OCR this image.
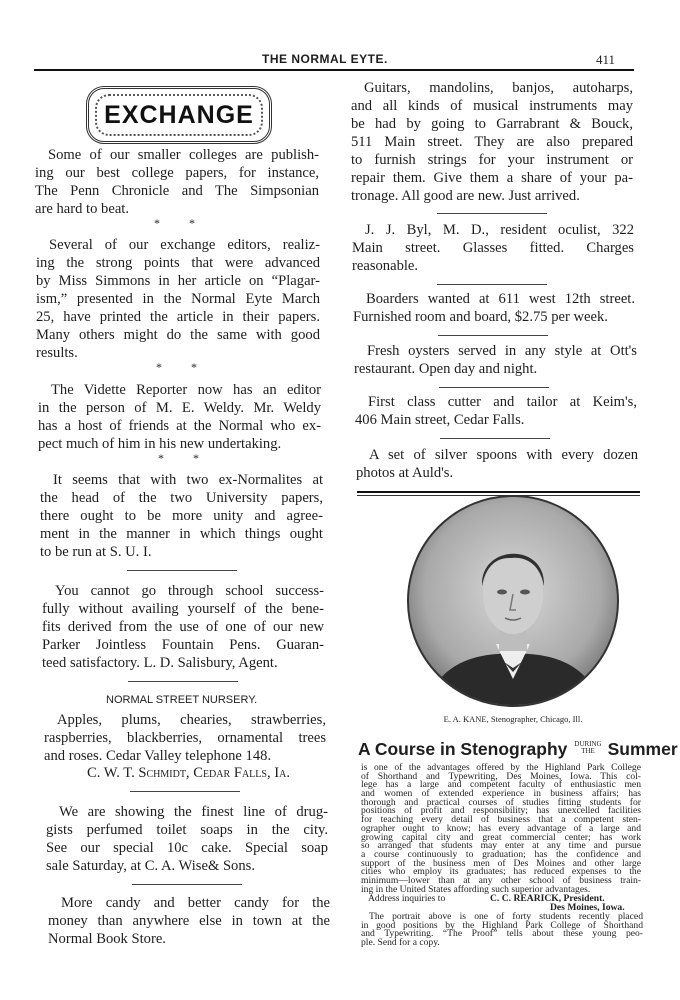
THE NORMAL EYTE.	411
EXCHANGE
Some of our smaller colleges are publish-
ing our best college papers, for instance,
The Penn Chronicle and The Simpsonian
are hard to beat.
* *
Several of our exchange editors, realiz-
ing the strong points that were advanced
by Miss Simmons in her article on “Plagar-
ism,” presented in the Normal Eyte March
25, have printed the article in their papers.
Many others might do the same with good
results.
* *
The Vidette Reporter now has an editor
in the person of M. E. Weldy. Mr. Weldy
has a host of friends at the Normal who ex-
pect much of him in his new undertaking.
* *
It seems that with two ex-Normalites at
the head of the two University papers,
there ought to be more unity and agree-
ment in the manner in which things ought
to be run at S. U. I.
You cannot go through school success-
fully without availing yourself of the bene-
fits derived from the use of one of our new
Parker Jointless Fountain Pens. Guaran-
teed satisfactory. L. D. Salisbury, Agent.
NORMAL STREET NURSERY.
Apples, plums, chearies, strawberries,
raspberries, blackberries, ornamental trees
and roses. Cedar Valley telephone 148.
C. W. T. Schmidt, Cedar Falls, Ia.
We are showing the finest line of drug-
gists perfumed toilet soaps in the city.
See our special 10c cake. Special soap
sale Saturday, at C. A. Wise& Sons.
More candy and better candy for the
money than anywhere else in town at the
Normal Book Store.
Guitars, mandolins, banjos, autoharps,
and all kinds of musical instruments may
be had by going to Garrabrant & Bouck,
511 Main street. They are also prepared
to furnish strings for your instrument or
repair them. Give them a share of your pa-
tronage. All good are new. Just arrived.
J. J. Byl, M. D., resident oculist, 322
Main street. Glasses fitted. Charges
reasonable.
Boarders wanted at 611 west 12th street.
Furnished room and board, $2.75 per week.
Fresh oysters served in any style at Ott's
restaurant. Open day and night.
First class cutter and tailor at Keim's,
406 Main street, Cedar Falls.
A set of silver spoons with every dozen
photos at Auld's.
E. A. KANE, Stenographer, Chicago, Ill.
A Course in Stenography DURING
THE Summer
is one of the advantages offered by the Highland Park College
of Shorthand and Typewriting, Des Moines, Iowa. This col-
lege has a large and competent faculty of enthusiastic men
and women of extended experience in business affairs; has
thorough and practical courses of studies fitting students for
positions of profit and responsibility; has unexcelled facilities
for teaching every detail of business that a competent sten-
ographer ought to know; has every advantage of a large and
growing capital city and great commercial center; has work
so arranged that students may enter at any time and pursue
a course continuously to graduation; has the confidence and
support of the business men of Des Moines and other large
cities who employ its graduates; has reduced expenses to the
minimum—lower than at any other school of business train-
ing in the United States affording such superior advantages.
Address inquiries to	C. C. REARICK, President.
Des Moines, Iowa.
The portrait above is one of forty students recently placed
in good positions by the Highland Park College of Shorthand
and Typewriting. “The Proof” tells about these young peo-
ple. Send for a copy.
